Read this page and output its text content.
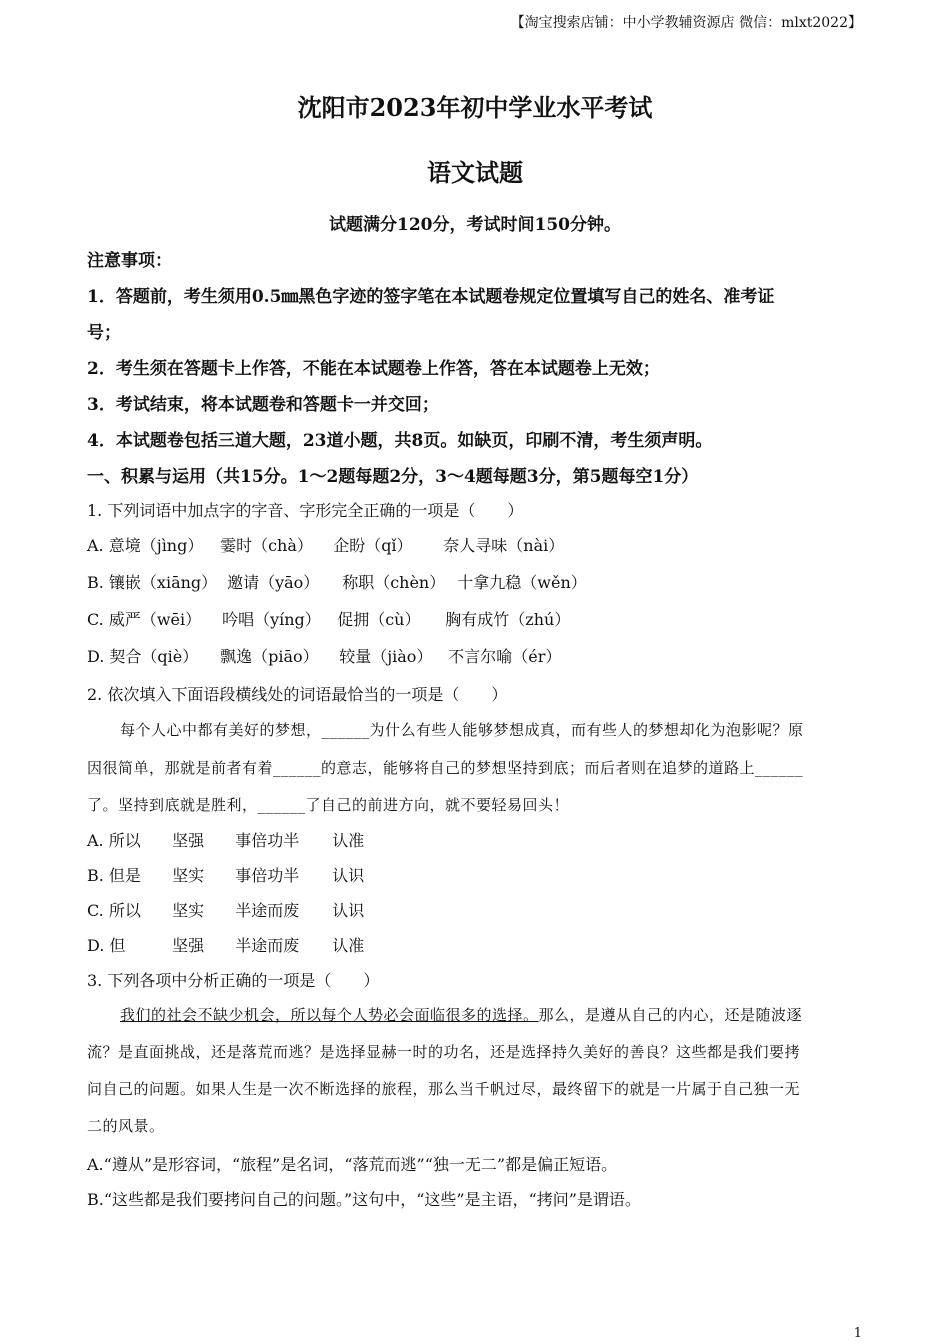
【淘宝搜索店铺：中小学教辅资源店 微信：mlxt2022】
沈阳市2023年初中学业水平考试
语文试题
试题满分120分，考试时间150分钟。
注意事项：
1．答题前，考生须用0.5㎜黑色字迹的签字笔在本试题卷规定位置填写自己的姓名、准考证
号；
2．考生须在答题卡上作答，不能在本试题卷上作答，答在本试题卷上无效；
3．考试结束，将本试题卷和答题卡一并交回；
4．本试题卷包括三道大题，23道小题，共8页。如缺页，印刷不清，考生须声明。
一、积累与运用（共15分。1～2题每题2分，3～4题每题3分，第5题每空1分）
1. 下列词语中加点字的字音、字形完全正确的一项是（　　）
A. 意境（jìng） 霎时（chà） 企盼（qǐ） 奈人寻味（nài）
B. 镶嵌（xiāng） 邀请（yāo） 称职（chèn） 十拿九稳（wěn）
C. 威严（wēi） 吟唱（yíng） 促拥（cù） 胸有成竹（zhú）
D. 契合（qiè） 飘逸（piāo） 较量（jiào） 不言尔喻（ér）
2. 依次填入下面语段横线处的词语最恰当的一项是（　　）
每个人心中都有美好的梦想，______为什么有些人能够梦想成真，而有些人的梦想却化为泡影呢？原
因很简单，那就是前者有着______的意志，能够将自己的梦想坚持到底；而后者则在追梦的道路上______
了。坚持到底就是胜利，______了自己的前进方向，就不要轻易回头！
A. 所以 坚强 事倍功半 认准
B. 但是 坚实 事倍功半 认识
C. 所以 坚实 半途而废 认识
D. 但	坚强 半途而废 认准
3. 下列各项中分析正确的一项是（　　）
我们的社会不缺少机会，所以每个人势必会面临很多的选择。那么，是遵从自己的内心，还是随波逐
流？是直面挑战，还是落荒而逃？是选择显赫一时的功名，还是选择持久美好的善良？这些都是我们要拷
问自己的问题。如果人生是一次不断选择的旅程，那么当千帆过尽，最终留下的就是一片属于自己独一无
二的风景。
A.“遵从”是形容词，“旅程”是名词，“落荒而逃”“独一无二”都是偏正短语。
B.“这些都是我们要拷问自己的问题。”这句中，“这些”是主语，“拷问”是谓语。
1
